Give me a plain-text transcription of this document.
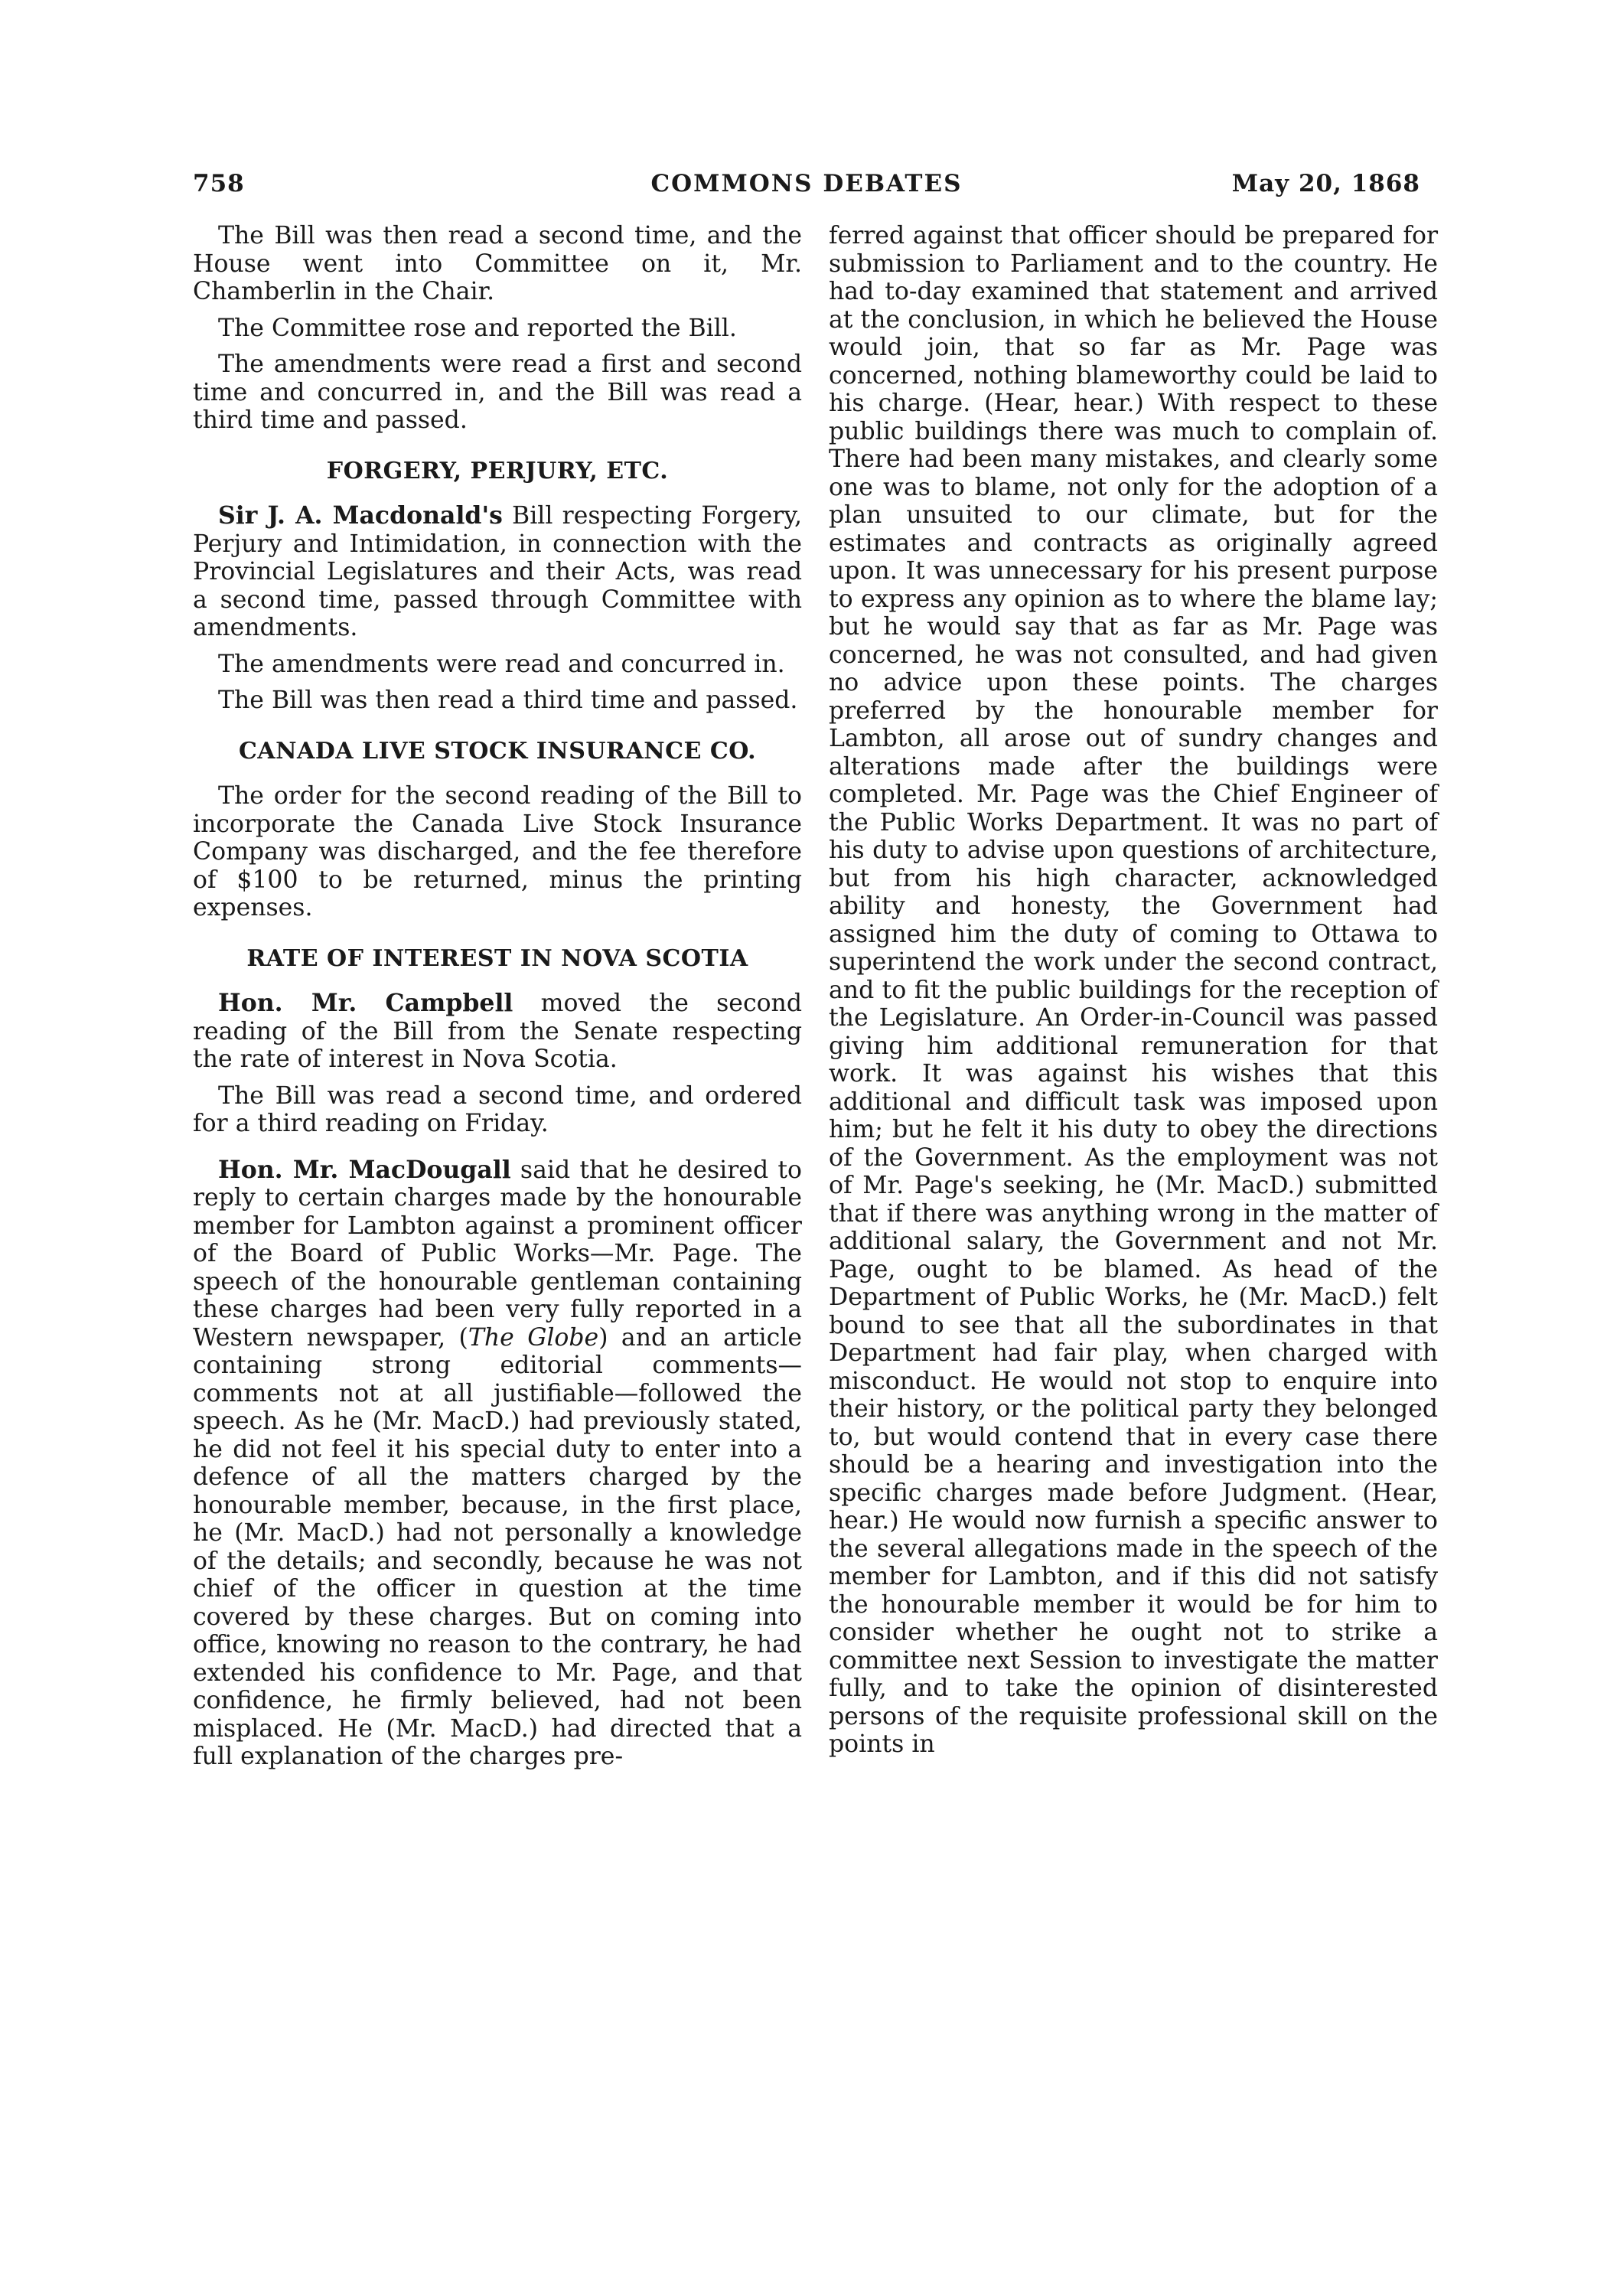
758	COMMONS DEBATES	May 20, 1868

The Bill was then read a second time, and the House went into Committee on it, Mr. Chamberlin in the Chair.

The Committee rose and reported the Bill.

The amendments were read a first and second time and concurred in, and the Bill was read a third time and passed.

FORGERY, PERJURY, ETC.

Sir J. A. Macdonald's Bill respecting Forgery, Perjury and Intimidation, in connection with the Provincial Legislatures and their Acts, was read a second time, passed through Committee with amendments.

The amendments were read and concurred in.

The Bill was then read a third time and passed.

CANADA LIVE STOCK INSURANCE CO.

The order for the second reading of the Bill to incorporate the Canada Live Stock Insurance Company was discharged, and the fee therefore of $100 to be returned, minus the printing expenses.

RATE OF INTEREST IN NOVA SCOTIA

Hon. Mr. Campbell moved the second reading of the Bill from the Senate respecting the rate of interest in Nova Scotia.

The Bill was read a second time, and ordered for a third reading on Friday.

Hon. Mr. MacDougall said that he desired to reply to certain charges made by the honourable member for Lambton against a prominent officer of the Board of Public Works—Mr. Page. The speech of the honourable gentleman containing these charges had been very fully reported in a Western newspaper, (The Globe) and an article containing strong editorial comments—comments not at all justifiable—followed the speech. As he (Mr. MacD.) had previously stated, he did not feel it his special duty to enter into a defence of all the matters charged by the honourable member, because, in the first place, he (Mr. MacD.) had not personally a knowledge of the details; and secondly, because he was not chief of the officer in question at the time covered by these charges. But on coming into office, knowing no reason to the contrary, he had extended his confidence to Mr. Page, and that confidence, he firmly believed, had not been misplaced. He (Mr. MacD.) had directed that a full explanation of the charges pre-

ferred against that officer should be prepared for submission to Parliament and to the country. He had to-day examined that statement and arrived at the conclusion, in which he believed the House would join, that so far as Mr. Page was concerned, nothing blameworthy could be laid to his charge. (Hear, hear.) With respect to these public buildings there was much to complain of. There had been many mistakes, and clearly some one was to blame, not only for the adoption of a plan unsuited to our climate, but for the estimates and contracts as originally agreed upon. It was unnecessary for his present purpose to express any opinion as to where the blame lay; but he would say that as far as Mr. Page was concerned, he was not consulted, and had given no advice upon these points. The charges preferred by the honourable member for Lambton, all arose out of sundry changes and alterations made after the buildings were completed. Mr. Page was the Chief Engineer of the Public Works Department. It was no part of his duty to advise upon questions of architecture, but from his high character, acknowledged ability and honesty, the Government had assigned him the duty of coming to Ottawa to superintend the work under the second contract, and to fit the public buildings for the reception of the Legislature. An Order-in-Council was passed giving him additional remuneration for that work. It was against his wishes that this additional and difficult task was imposed upon him; but he felt it his duty to obey the directions of the Government. As the employment was not of Mr. Page's seeking, he (Mr. MacD.) submitted that if there was anything wrong in the matter of additional salary, the Government and not Mr. Page, ought to be blamed. As head of the Department of Public Works, he (Mr. MacD.) felt bound to see that all the subordinates in that Department had fair play, when charged with misconduct. He would not stop to enquire into their history, or the political party they belonged to, but would contend that in every case there should be a hearing and investigation into the specific charges made before Judgment. (Hear, hear.) He would now furnish a specific answer to the several allegations made in the speech of the member for Lambton, and if this did not satisfy the honourable member it would be for him to consider whether he ought not to strike a committee next Session to investigate the matter fully, and to take the opinion of disinterested persons of the requisite professional skill on the points in
